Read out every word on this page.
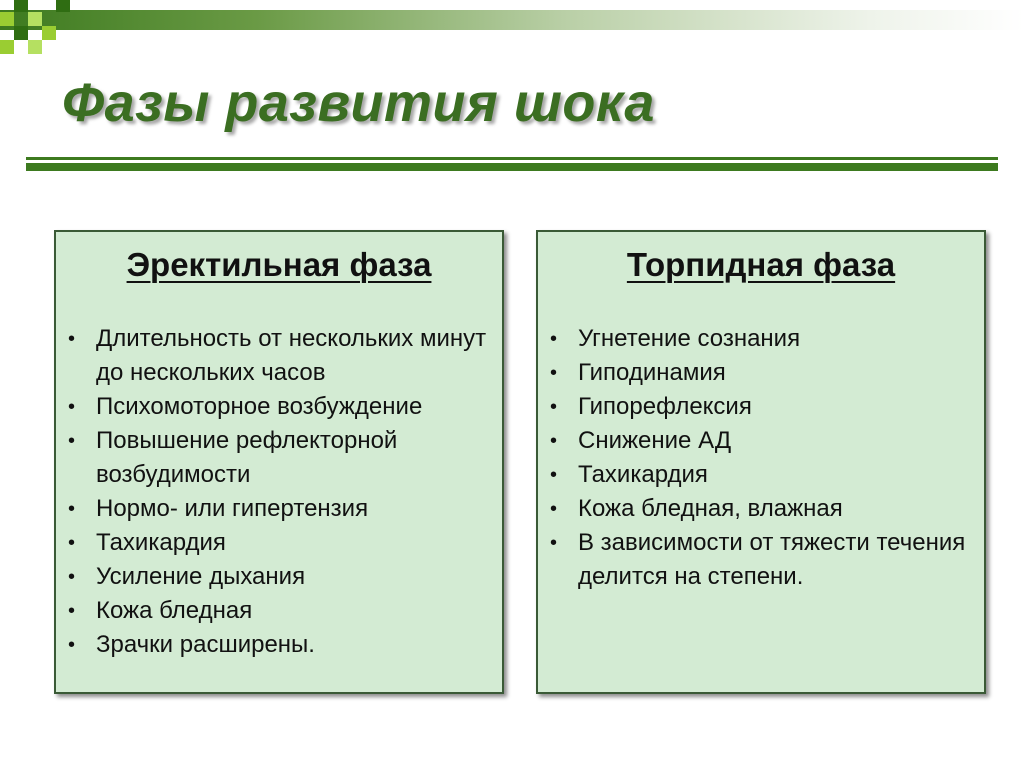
Фазы развития шока
Эректильная фаза
• Длительность от нескольких минут до нескольких часов
• Психомоторное возбуждение
• Повышение рефлекторной возбудимости
• Нормо- или гипертензия
• Тахикардия
• Усиление дыхания
• Кожа бледная
• Зрачки расширены.
Торпидная фаза
• Угнетение сознания
• Гиподинамия
• Гипорефлексия
• Снижение АД
• Тахикардия
• Кожа бледная, влажная
• В зависимости от тяжести течения делится на степени.
